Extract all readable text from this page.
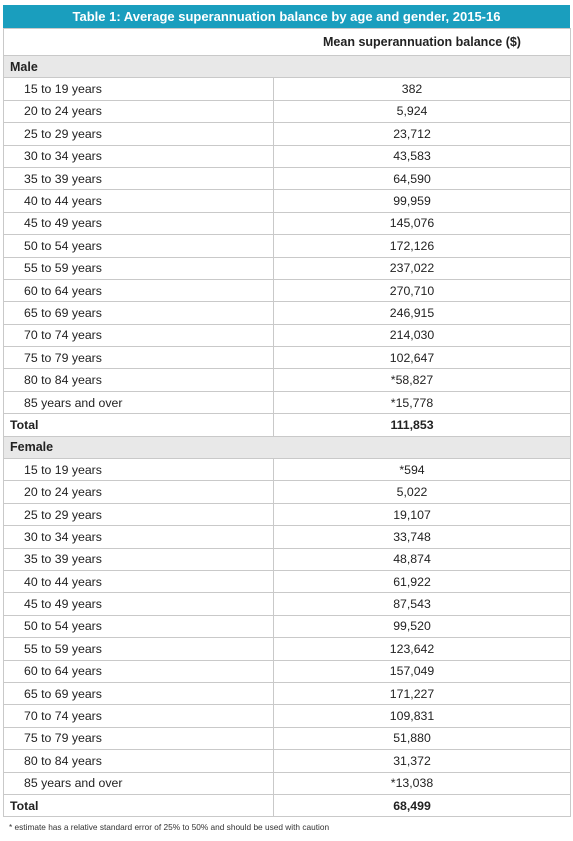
Table 1: Average superannuation balance by age and gender, 2015-16
Mean superannuation balance ($)	
Male	
15 to 19 years	382
20 to 24 years	5,924
25 to 29 years	23,712
30 to 34 years	43,583
35 to 39 years	64,590
40 to 44 years	99,959
45 to 49 years	145,076
50 to 54 years	172,126
55 to 59 years	237,022
60 to 64 years	270,710
65 to 69 years	246,915
70 to 74 years	214,030
75 to 79 years	102,647
80 to 84 years	*58,827
85 years and over	*15,778
Total	111,853
Female	
15 to 19 years	*594
20 to 24 years	5,022
25 to 29 years	19,107
30 to 34 years	33,748
35 to 39 years	48,874
40 to 44 years	61,922
45 to 49 years	87,543
50 to 54 years	99,520
55 to 59 years	123,642
60 to 64 years	157,049
65 to 69 years	171,227
70 to 74 years	109,831
75 to 79 years	51,880
80 to 84 years	31,372
85 years and over	*13,038
Total	68,499
* estimate has a relative standard error of 25% to 50% and should be used with caution
